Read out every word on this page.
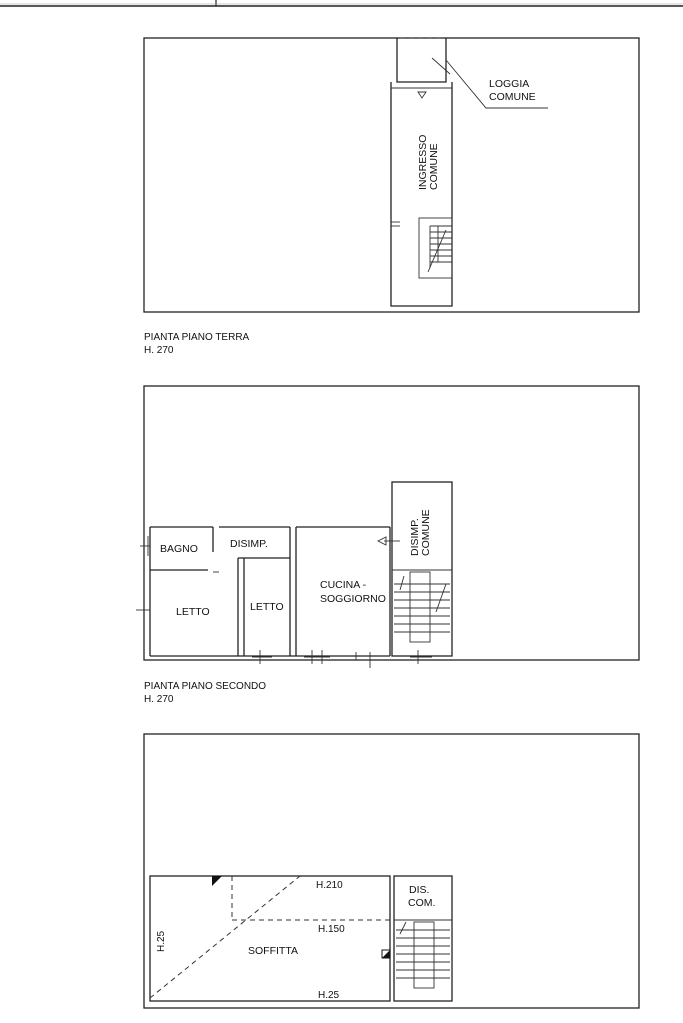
LOGGIA
COMUNE
INGRESSO COMUNE
BAGNO	DISIMP.
LETTO	LETTO
CUCINA -
SOGGIORNO
DISIMP. COMUNE
H.210
H.150
SOFFITTA
H.25
H.25
DIS.
COM.
PIANTA PIANO TERRA
H. 270
PIANTA PIANO SECONDO
H. 270
